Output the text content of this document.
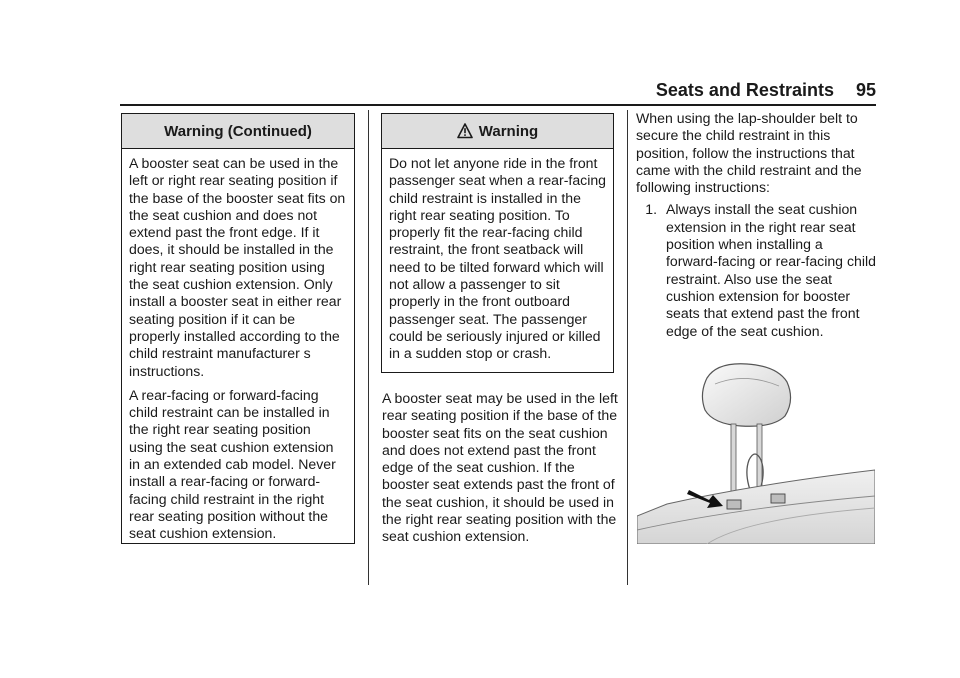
Seats and Restraints 95
Warning (Continued)

A booster seat can be used in the left or right rear seating position if the base of the booster seat fits on the seat cushion and does not extend past the front edge. If it does, it should be installed in the right rear seating position using the seat cushion extension. Only install a booster seat in either rear seating position if it can be properly installed according to the child restraint manufacturer s instructions.

A rear-facing or forward-facing child restraint can be installed in the right rear seating position using the seat cushion extension in an extended cab model. Never install a rear-facing or forward-facing child restraint in the right rear seating position without the seat cushion extension.

Warning

Do not let anyone ride in the front passenger seat when a rear-facing child restraint is installed in the right rear seating position. To properly fit the rear-facing child restraint, the front seatback will need to be tilted forward which will not allow a passenger to sit properly in the front outboard passenger seat. The passenger could be seriously injured or killed in a sudden stop or crash.

A booster seat may be used in the left rear seating position if the base of the booster seat fits on the seat cushion and does not extend past the front edge of the seat cushion. If the booster seat extends past the front of the seat cushion, it should be used in the right rear seating position with the seat cushion extension.

When using the lap-shoulder belt to secure the child restraint in this position, follow the instructions that came with the child restraint and the following instructions:

1. Always install the seat cushion extension in the right rear seat position when installing a forward-facing or rear-facing child restraint. Also use the seat cushion extension for booster seats that extend past the front edge of the seat cushion.
